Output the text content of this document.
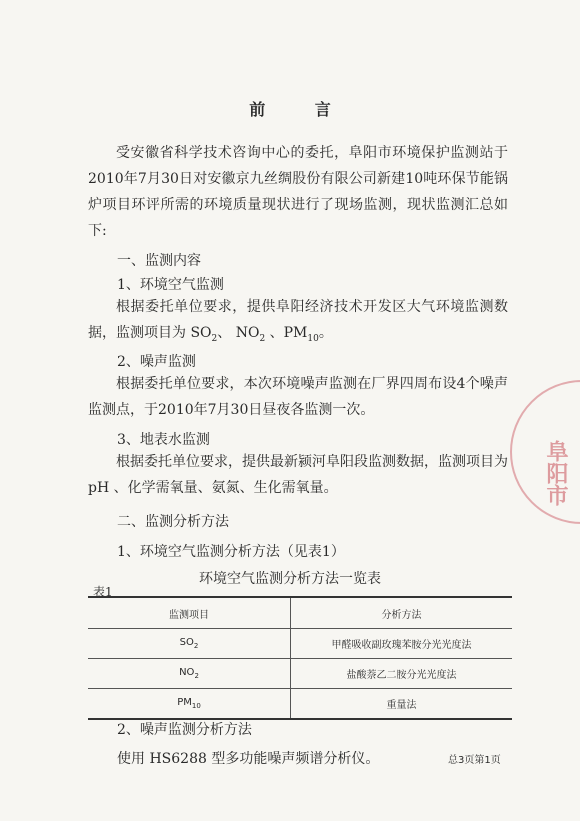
前 言
受安徽省科学技术咨询中心的委托，阜阳市环境保护监测站于2010年7月30日对安徽京九丝绸股份有限公司新建10吨环保节能锅炉项目环评所需的环境质量现状进行了现场监测，现状监测汇总如下:
一、监测内容
1、环境空气监测
根据委托单位要求，提供阜阳经济技术开发区大气环境监测数据，监测项目为 $SO_2$、 $NO_2$ 、$PM_{10}$。
2、噪声监测
根据委托单位要求，本次环境噪声监测在厂界四周布设4个噪声监测点，于2010年7月30日昼夜各监测一次。
3、地表水监测
根据委托单位要求，提供最新颍河阜阳段监测数据，监测项目为 pH 、化学需氧量、氨氮、生化需氧量。
二、监测分析方法
1、环境空气监测分析方法（见表1）
环境空气监测分析方法一览表
表1
监测项目	分析方法
$SO_2$	甲醛吸收副玫瑰苯胺分光光度法
$NO_2$	盐酸萘乙二胺分光光度法
$PM_{10}$	重量法
2、噪声监测分析方法
使用 HS6288 型多功能噪声频谱分析仪。	总3页第1页
阜阳市
